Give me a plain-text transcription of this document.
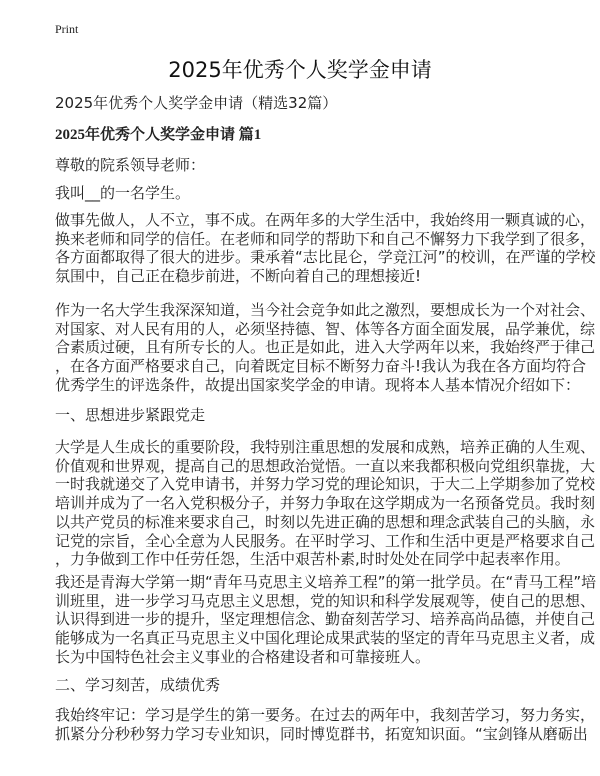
Print
2025年优秀个人奖学金申请
2025年优秀个人奖学金申请（精选32篇）
2025年优秀个人奖学金申请 篇1
尊敬的院系领导老师：
我叫__的一名学生。
做事先做人，人不立，事不成。在两年多的大学生活中，我始终用一颗真诚的心，
换来老师和同学的信任。在老师和同学的帮助下和自己不懈努力下我学到了很多，
各方面都取得了很大的进步。秉承着“志比昆仑，学竞江河”的校训，在严谨的学校
氛围中，自己正在稳步前进，不断向着自己的理想接近!
作为一名大学生我深深知道，当今社会竞争如此之激烈，要想成长为一个对社会、
对国家、对人民有用的人，必须坚持德、智、体等各方面全面发展，品学兼优，综
合素质过硬，且有所专长的人。也正是如此，进入大学两年以来，我始终严于律己
，在各方面严格要求自己，向着既定目标不断努力奋斗!我认为我在各方面均符合
优秀学生的评选条件，故提出国家奖学金的申请。现将本人基本情况介绍如下：
一、思想进步紧跟党走
大学是人生成长的重要阶段，我特别注重思想的发展和成熟，培养正确的人生观、
价值观和世界观，提高自己的思想政治觉悟。一直以来我都积极向党组织靠拢，大
一时我就递交了入党申请书，并努力学习党的理论知识，于大二上学期参加了党校
培训并成为了一名入党积极分子，并努力争取在这学期成为一名预备党员。我时刻
以共产党员的标准来要求自己，时刻以先进正确的思想和理念武装自己的头脑，永
记党的宗旨，全心全意为人民服务。在平时学习、工作和生活中更是严格要求自己
，力争做到工作中任劳任怨，生活中艰苦朴素,时时处处在同学中起表率作用。
我还是青海大学第一期“青年马克思主义培养工程”的第一批学员。在“青马工程”培
训班里，进一步学习马克思主义思想，党的知识和科学发展观等，使自己的思想、
认识得到进一步的提升，坚定理想信念、勤奋刻苦学习、培养高尚品德，并使自己
能够成为一名真正马克思主义中国化理论成果武装的坚定的青年马克思主义者，成
长为中国特色社会主义事业的合格建设者和可靠接班人。
二、学习刻苦，成绩优秀
我始终牢记：学习是学生的第一要务。在过去的两年中，我刻苦学习，努力务实，
抓紧分分秒秒努力学习专业知识，同时博览群书，拓宽知识面。“宝剑锋从磨砺出
